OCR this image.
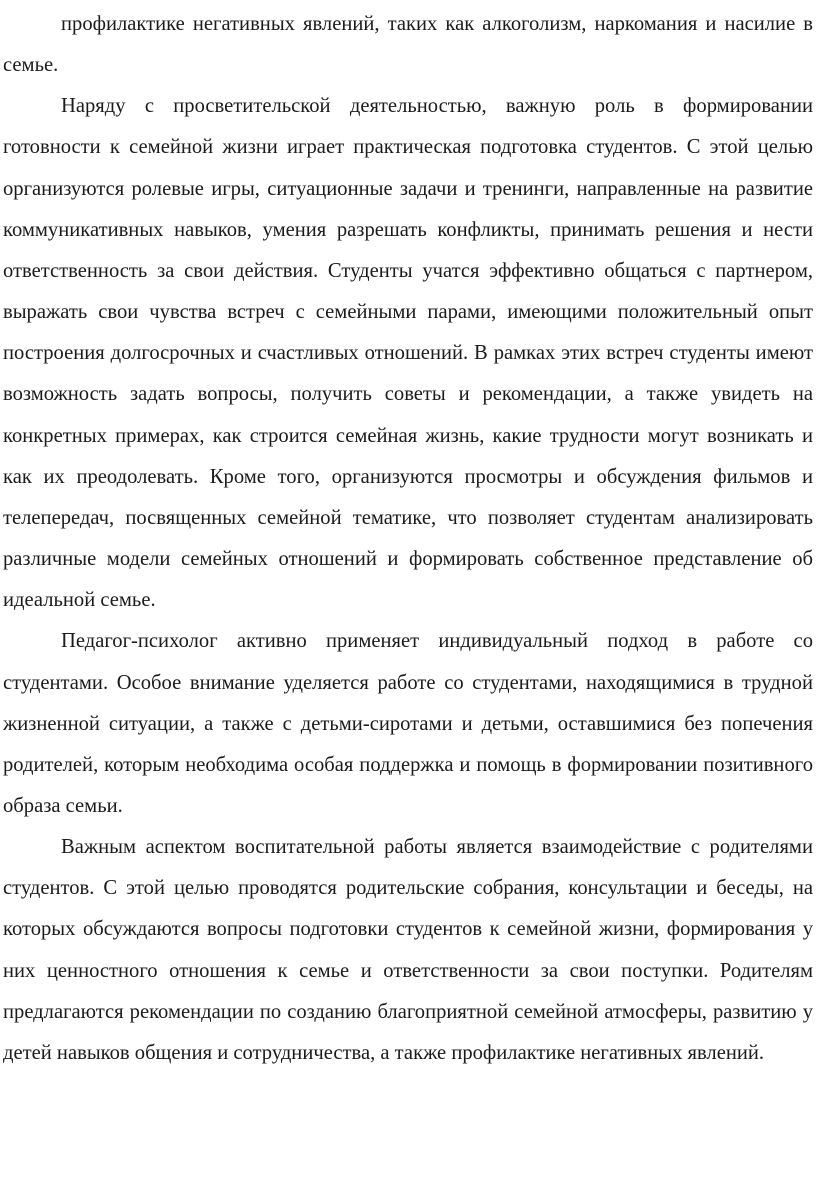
профилактике негативных явлений, таких как алкоголизм, наркомания и насилие в семье.

Наряду с просветительской деятельностью, важную роль в формировании готовности к семейной жизни играет практическая подготовка студентов. С этой целью организуются ролевые игры, ситуационные задачи и тренинги, направленные на развитие коммуникативных навыков, умения разрешать конфликты, принимать решения и нести ответственность за свои действия. Студенты учатся эффективно общаться с партнером, выражать свои чувства встреч с семейными парами, имеющими положительный опыт построения долгосрочных и счастливых отношений. В рамках этих встреч студенты имеют возможность задать вопросы, получить советы и рекомендации, а также увидеть на конкретных примерах, как строится семейная жизнь, какие трудности могут возникать и как их преодолевать. Кроме того, организуются просмотры и обсуждения фильмов и телепередач, посвященных семейной тематике, что позволяет студентам анализировать различные модели семейных отношений и формировать собственное представление об идеальной семье.

Педагог-психолог активно применяет индивидуальный подход в работе со студентами. Особое внимание уделяется работе со студентами, находящимися в трудной жизненной ситуации, а также с детьми-сиротами и детьми, оставшимися без попечения родителей, которым необходима особая поддержка и помощь в формировании позитивного образа семьи.

Важным аспектом воспитательной работы является взаимодействие с родителями студентов. С этой целью проводятся родительские собрания, консультации и беседы, на которых обсуждаются вопросы подготовки студентов к семейной жизни, формирования у них ценностного отношения к семье и ответственности за свои поступки. Родителям предлагаются рекомендации по созданию благоприятной семейной атмосферы, развитию у детей навыков общения и сотрудничества, а также профилактике негативных явлений.
